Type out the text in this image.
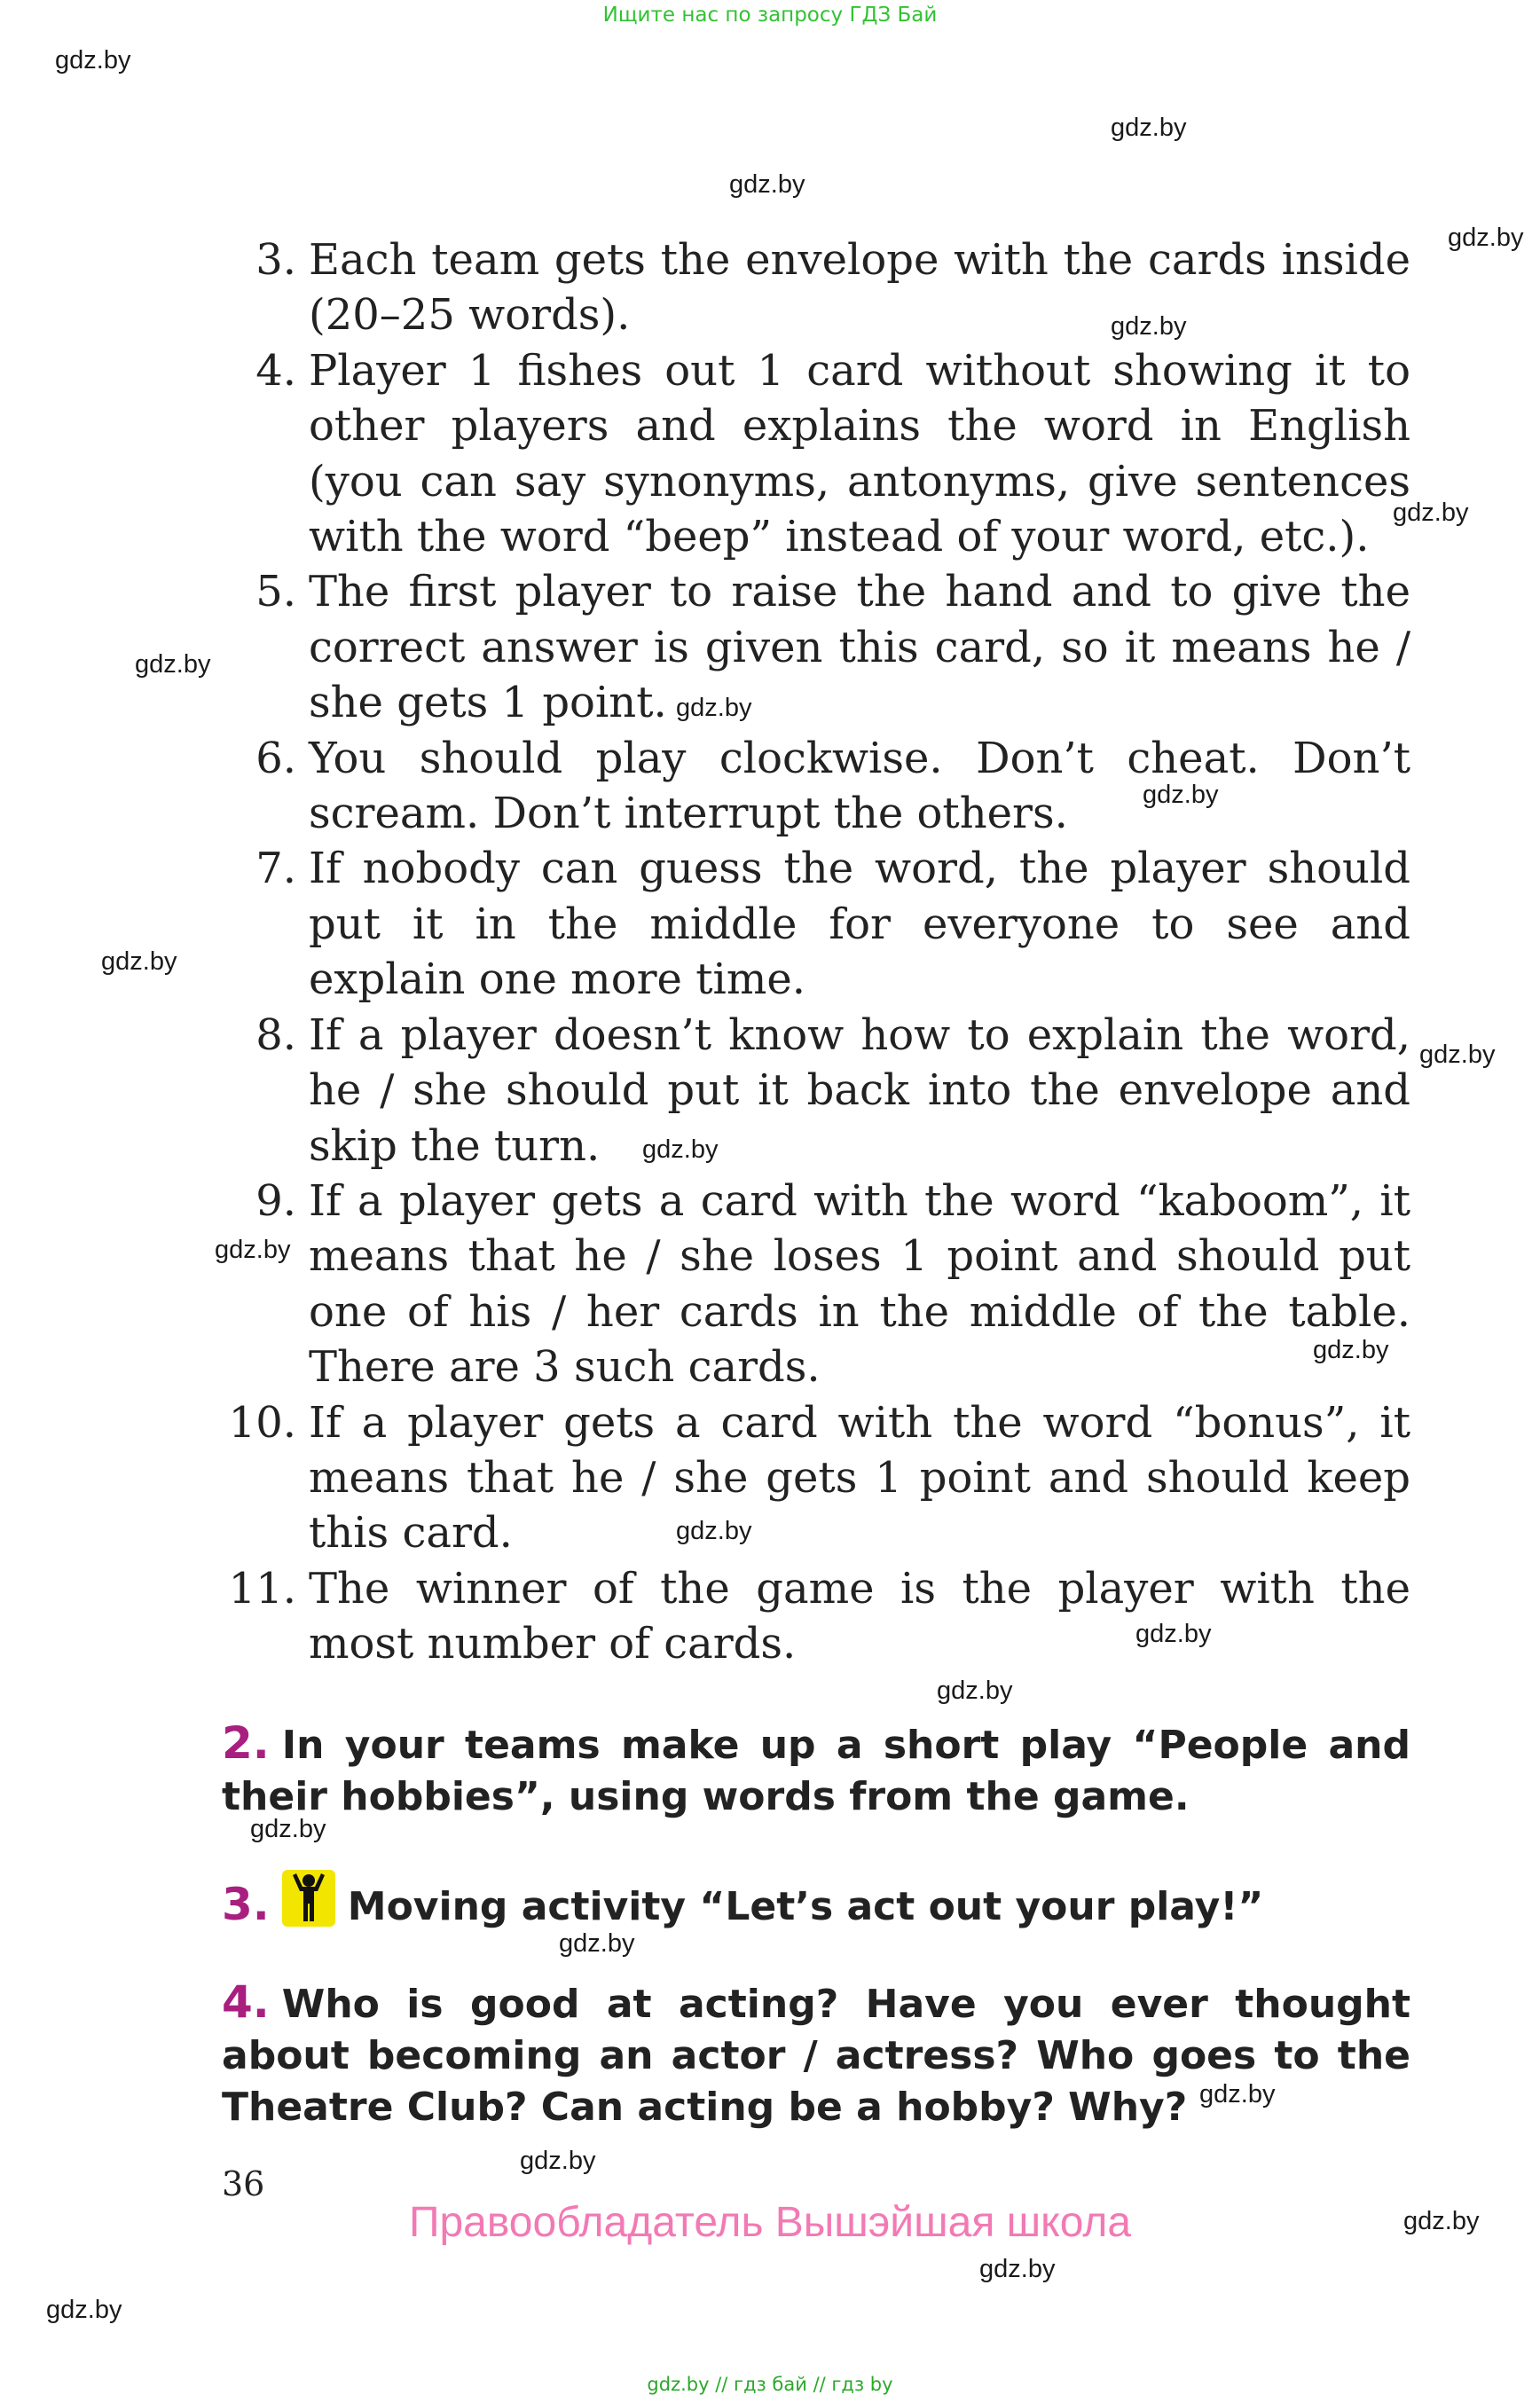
Ищите нас по запросу ГДЗ Бай
gdz.by
gdz.by
gdz.by
gdz.by
gdz.by
gdz.by
gdz.by
gdz.by
gdz.by
gdz.by
gdz.by
gdz.by
gdz.by
gdz.by
gdz.by
gdz.by
gdz.by
gdz.by
gdz.by
gdz.by
gdz.by
gdz.by
gdz.by
gdz.by
3. Each team gets the envelope with the cards inside (20–25 words).
4. Player 1 fishes out 1 card without showing it to other players and explains the word in English (you can say synonyms, antonyms, give sentences with the word “beep” instead of your word, etc.).
5. The first player to raise the hand and to give the correct answer is given this card, so it means he / she gets 1 point.
6. You should play clockwise. Don’t cheat. Don’t scream. Don’t interrupt the others.
7. If nobody can guess the word, the player should put it in the middle for everyone to see and explain one more time.
8. If a player doesn’t know how to explain the word, he / she should put it back into the envelope and skip the turn.
9. If a player gets a card with the word “kaboom”, it means that he / she loses 1 point and should put one of his / her cards in the middle of the table. There are 3 such cards.
10. If a player gets a card with the word “bonus”, it means that he / she gets 1 point and should keep this card.
11. The winner of the game is the player with the most number of cards.
2. In your teams make up a short play “People and their hobbies”, using words from the game.
3. Moving activity “Let’s act out your play!”
4. Who is good at acting? Have you ever thought about becoming an actor / actress? Who goes to the Theatre Club? Can acting be a hobby? Why?
36
Правообладатель Вышэйшая школа
gdz.by // гдз бай // гдз by
